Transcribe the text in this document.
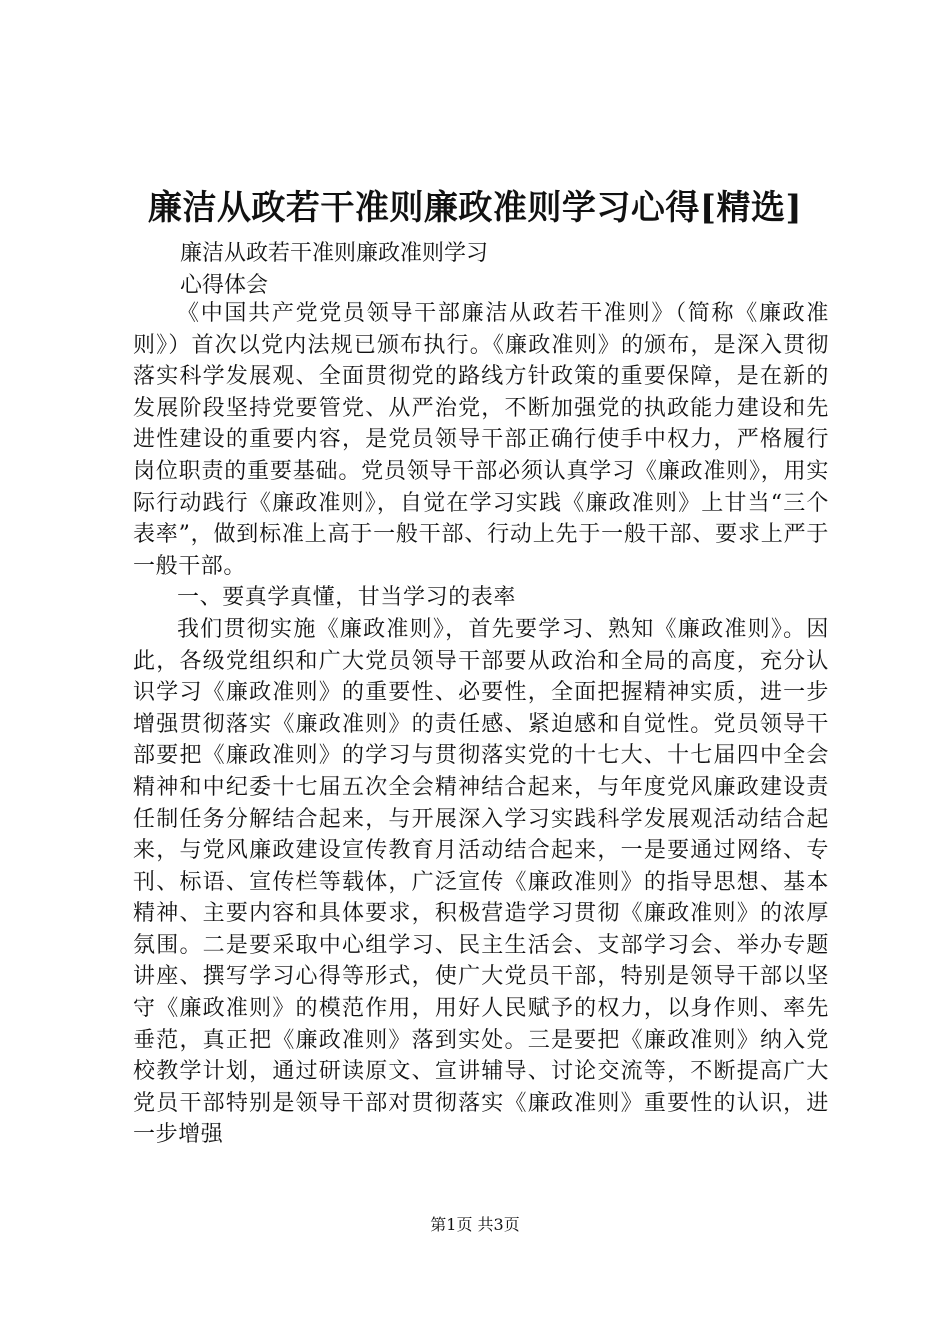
廉洁从政若干准则廉政准则学习心得[精选]
廉洁从政若干准则廉政准则学习
心得体会

《中国共产党党员领导干部廉洁从政若干准则》（简称《廉政准则》）首次以党内法规已颁布执行。《廉政准则》的颁布，是深入贯彻落实科学发展观、全面贯彻党的路线方针政策的重要保障，是在新的发展阶段坚持党要管党、从严治党，不断加强党的执政能力建设和先进性建设的重要内容，是党员领导干部正确行使手中权力，严格履行岗位职责的重要基础。党员领导干部必须认真学习《廉政准则》，用实际行动践行《廉政准则》，自觉在学习实践《廉政准则》上甘当“三个表率”，做到标准上高于一般干部、行动上先于一般干部、要求上严于一般干部。

一、要真学真懂，甘当学习的表率

我们贯彻实施《廉政准则》，首先要学习、熟知《廉政准则》。因此，各级党组织和广大党员领导干部要从政治和全局的高度，充分认识学习《廉政准则》的重要性、必要性，全面把握精神实质，进一步增强贯彻落实《廉政准则》的责任感、紧迫感和自觉性。党员领导干部要把《廉政准则》的学习与贯彻落实党的十七大、十七届四中全会精神和中纪委十七届五次全会精神结合起来，与年度党风廉政建设责任制任务分解结合起来，与开展深入学习实践科学发展观活动结合起来，与党风廉政建设宣传教育月活动结合起来，一是要通过网络、专刊、标语、宣传栏等载体，广泛宣传《廉政准则》的指导思想、基本精神、主要内容和具体要求，积极营造学习贯彻《廉政准则》的浓厚氛围。二是要采取中心组学习、民主生活会、支部学习会、举办专题讲座、撰写学习心得等形式，使广大党员干部，特别是领导干部以坚守《廉政准则》的模范作用，用好人民赋予的权力，以身作则、率先垂范，真正把《廉政准则》落到实处。三是要把《廉政准则》纳入党校教学计划，通过研读原文、宣讲辅导、讨论交流等，不断提高广大党员干部特别是领导干部对贯彻落实《廉政准则》重要性的认识，进一步增强

第1页 共3页
